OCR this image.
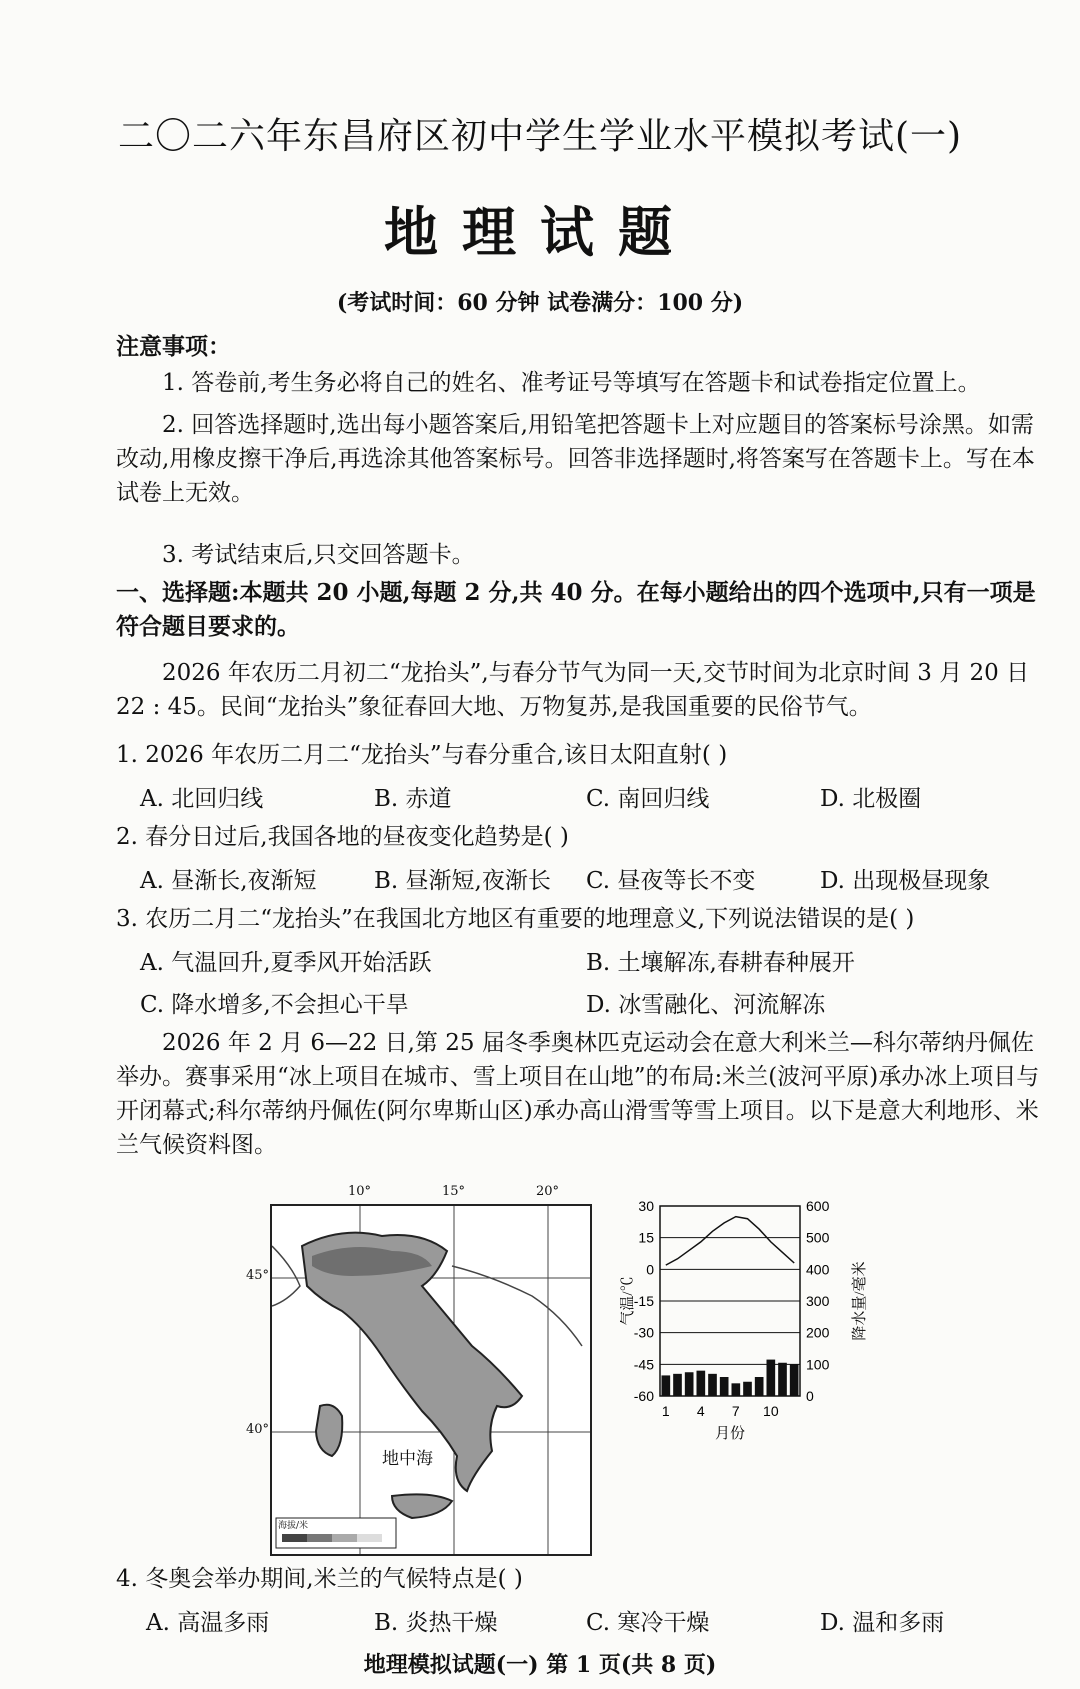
二〇二六年东昌府区初中学生学业水平模拟考试(一)
地理试题
(考试时间：60 分钟 试卷满分：100 分)
注意事项：
1. 答卷前,考生务必将自己的姓名、准考证号等填写在答题卡和试卷指定位置上。
2. 回答选择题时,选出每小题答案后,用铅笔把答题卡上对应题目的答案标号涂黑。如需改动,用橡皮擦干净后,再选涂其他答案标号。回答非选择题时,将答案写在答题卡上。写在本试卷上无效。
3. 考试结束后,只交回答题卡。
一、选择题:本题共 20 小题,每题 2 分,共 40 分。在每小题给出的四个选项中,只有一项是符合题目要求的。
2026 年农历二月初二“龙抬头”,与春分节气为同一天,交节时间为北京时间 3 月 20 日 22 : 45。民间“龙抬头”象征春回大地、万物复苏,是我国重要的民俗节气。
1. 2026 年农历二月二“龙抬头”与春分重合,该日太阳直射( )
A. 北回归线	B. 赤道	C. 南回归线	D. 北极圈
2. 春分日过后,我国各地的昼夜变化趋势是( )
A. 昼渐长,夜渐短 B. 昼渐短,夜渐长 C. 昼夜等长不变	D. 出现极昼现象
3. 农历二月二“龙抬头”在我国北方地区有重要的地理意义,下列说法错误的是( )
A. 气温回升,夏季风开始活跃	B. 土壤解冻,春耕春种展开
C. 降水增多,不会担心干旱	D. 冰雪融化、河流解冻
2026 年 2 月 6—22 日,第 25 届冬季奥林匹克运动会在意大利米兰—科尔蒂纳丹佩佐举办。赛事采用“冰上项目在城市、雪上项目在山地”的布局:米兰(波河平原)承办冰上项目与开闭幕式;科尔蒂纳丹佩佐(阿尔卑斯山区)承办高山滑雪等雪上项目。以下是意大利地形、米兰气候资料图。
10°	15°	20°
45°
40°
地中海
海拔/米
30	600
15	500
0	400
-15	300
-30	200
-45	100
-60	0
1 4 7 10
月份
气温/℃	降水量/毫米
4. 冬奥会举办期间,米兰的气候特点是( )
A. 高温多雨	B. 炎热干燥	C. 寒冷干燥	D. 温和多雨
地理模拟试题(一) 第 1 页(共 8 页)
